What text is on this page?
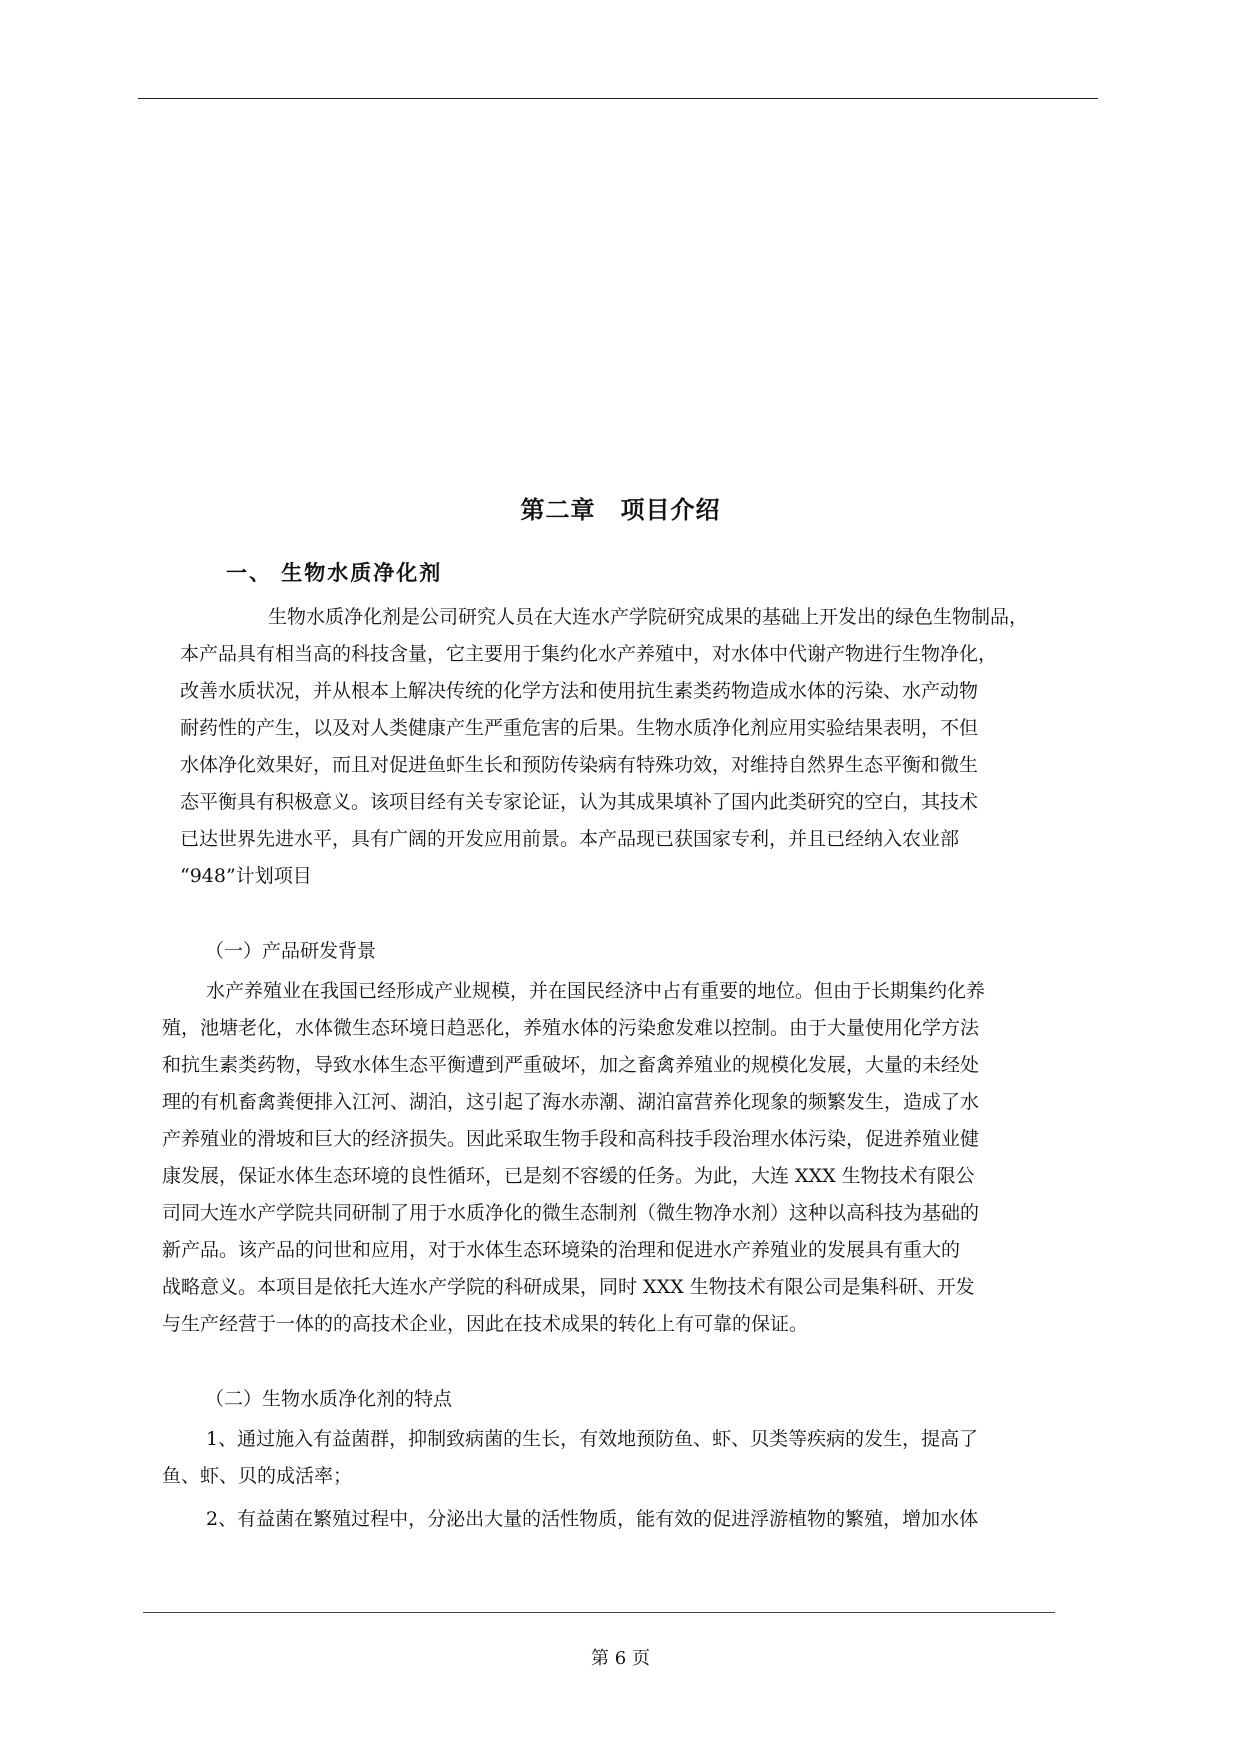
第二章　项目介绍
一、 生物水质净化剂
生物水质净化剂是公司研究人员在大连水产学院研究成果的基础上开发出的绿色生物制品，
本产品具有相当高的科技含量，它主要用于集约化水产养殖中，对水体中代谢产物进行生物净化，
改善水质状况，并从根本上解决传统的化学方法和使用抗生素类药物造成水体的污染、水产动物
耐药性的产生，以及对人类健康产生严重危害的后果。生物水质净化剂应用实验结果表明，不但
水体净化效果好，而且对促进鱼虾生长和预防传染病有特殊功效，对维持自然界生态平衡和微生
态平衡具有积极意义。该项目经有关专家论证，认为其成果填补了国内此类研究的空白，其技术
已达世界先进水平，具有广阔的开发应用前景。本产品现已获国家专利，并且已经纳入农业部
“948”计划项目
（一）产品研发背景
水产养殖业在我国已经形成产业规模，并在国民经济中占有重要的地位。但由于长期集约化养
殖，池塘老化，水体微生态环境日趋恶化，养殖水体的污染愈发难以控制。由于大量使用化学方法
和抗生素类药物，导致水体生态平衡遭到严重破坏，加之畜禽养殖业的规模化发展，大量的未经处
理的有机畜禽粪便排入江河、湖泊，这引起了海水赤潮、湖泊富营养化现象的频繁发生，造成了水
产养殖业的滑坡和巨大的经济损失。因此采取生物手段和高科技手段治理水体污染，促进养殖业健
康发展，保证水体生态环境的良性循环，已是刻不容缓的任务。为此，大连 XXX 生物技术有限公
司同大连水产学院共同研制了用于水质净化的微生态制剂（微生物净水剂）这种以高科技为基础的
新产品。该产品的问世和应用，对于水体生态环境染的治理和促进水产养殖业的发展具有重大的
战略意义。本项目是依托大连水产学院的科研成果，同时 XXX 生物技术有限公司是集科研、开发
与生产经营于一体的的高技术企业，因此在技术成果的转化上有可靠的保证。
（二）生物水质净化剂的特点
1、通过施入有益菌群，抑制致病菌的生长，有效地预防鱼、虾、贝类等疾病的发生，提高了
鱼、虾、贝的成活率；
2、有益菌在繁殖过程中，分泌出大量的活性物质，能有效的促进浮游植物的繁殖，增加水体
第 6 页
